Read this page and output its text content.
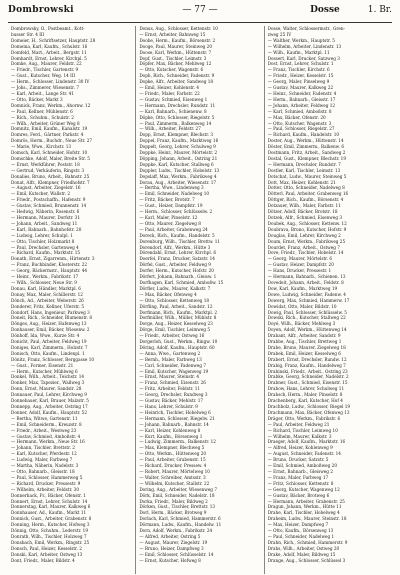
Dombrowski	— 77 —	Dosse	1. Br.
Dombrowsky, O., Postbeamt., Kott-
busser Str. 4 III
Domeier, H., Schriftsetzer, Hauptstr. 28
Domeina, Karl, Kaufm., Schulstr. 16
Domfeld, Mart., Arbeit., Bergstr. 11
Domhardt, Ernst, Lehrer, Kirchpl. 5
Domke, Aug., Maurer, Feldstr. 22
— Friedr., Tischler, Gartenstr. 9
— Gust., Kutscher, Weg. 14 III
— Herm., Schlosser, Lindenstr. 30 IV
— Johs., Zimmerer, Wiesenstr. 7
— Karl, Arbeit., Lange Str. 41
— Otto, Bäcker, Markt 3
Domnick, Franz, Werkm., Ahornw. 12
— Paul, Kellner, Mühlenstr. 6
— Rich., Schuhm., Schulstr. 2
— Wilh., Arbeiter, Grüner Weg 8
Domnitz, Emil, Kaufm., Kanalstr. 19
Domres, Ferd., Gärtner, Parkstr. 4
Domrös, Herm., Buchdr., Neue Str. 27
— Marie, Wwe., Kirchstr. 13
Domsch, Karl, Schneider, Hofstr. 10
Domschke, Adolf, Maler, Breite Str. 5
— Ernst, Werkführer, Poststr. 18
— Gertrud, Verkäuferin, Ringstr. 3
Donalies, Bruno, Arbeit., Bahnstr. 25
Donat, Alfr., Klempner, Friedhofstr. 7
— August, Arbeiter, Ziegelstr. 16
— Emil, Kutscher, Wallstr. 2
— Friedr., Postschaffn., Hafenstr. 9
— Gustav, Schmied, Brunnenstr. 14
— Hedwig, Näherin, Rosenstr. 6
— Hermann, Maurer, Dorfstr. 31
— Johann, Arbeit., Sandweg 11
— Karl, Bahnarb., Bahnhofstr. 20
— Ludwig, Lehrer, Schulpl. 1
— Otto, Tischler, Holzmarkt 8
— Paul, Drechsler, Gartenweg 4
— Richard, Kaufm., Marktstr. 15
Donath, Ernst, Zigarrenm., Hirtenstr. 3
— Franz, Buchbinder, Klosterstr. 22
— Georg, Bäckermstr., Hauptstr. 44
— Heinr., Werkm., Fabrikstr. 17
— Wilh., Schlosser, Neue Str. 9
Donau, Karl, Händler, Marktpl. 6
Donay, Max, Maler, Schillerstr. 12
Dönch, Ad., Arbeiter, Weberstr. 26
Donderer, Fritz, Kellner, Uferstr. 5
Dondorf, Hans, Ingenieur, Parkweg 3
Doneit, Rich., Schneider, Blumenstr. 8
Dönges, Aug., Heizer, Hafenweg 13
Donhauser, Emil, Bäcker, Wiesenw. 2
Dönhoff, Ida, Wwe., Kurze Str. 4
Donicht, Paul, Arbeiter, Feldweg 19
Doniges, Karl, Zimmerm., Holzstr. 7
Donisch, Otto, Kaufm., Lindenpl. 1
Dönitz, Franz, Schlosser, Berggasse 10
— Gust., Former, Eisenstr. 21
— Herm., Kutscher, Mühlweg 6
Donkel, Wilh., Arbeit., Teichstr. 14
Donker, Max, Tapezier., Wallweg 3
Donn, Ernst, Maurer, Sandstr. 28
Donnauer, Paul, Lehrer, Kirchweg 9
Donnebauer, Karl, Brauer, Malzstr. 5
Donnepp, Aug., Arbeiter, Ostring 17
Donner, Adolf, Kaufm., Hauptstr. 52
— Bertha, Witwe, Gartenstr. 11
— Emil, Schneiderm., Kreuzstr. 8
— Friedr., Arbeit., Westweg 23
— Gustav, Schmied, Amboßstr. 4
— Hermann, Werkm., Neue Str. 16
— Johann, Tischler, Brettstr. 2
— Karl, Kutscher, Pferdestr. 12
— Ludwig, Maler, Farbweg 7
— Martha, Näherin, Nadelstr. 3
— Otto, Bahnarb., Gleisstr. 18
— Paul, Schlosser, Hammerweg 5
— Richard, Drucker, Pressestr. 9
— Wilhelm, Arbeiter, Feldstr. 30
Donnerhack, Fr., Bäcker, Ofenstr. 1
Donnert, Ernst, Lehrer, Schulstr. 14
Donnerstag, Karl, Maurer, Kalkweg 6
Donnhauser, Ad., Kaufm., Markt 11
Donnick, Gust., Arbeiter, Grabenstr. 8
Donning, Herm., Kutscher, Hofweg 3
Dönnig, Otto, Schuhm., Lederstr. 19
Donrath, Wilh., Tischler, Holzweg 7
Donsbach, Emil, Werkm., Ringstr. 25
Donsch, Paul, Heizer, Kesselstr. 2
Donski, Karl, Arbeiter, Ostweg 13
Dont, Friedr., Maler, Bildstr. 4
Donus, Aug., Schlosser, Kettenstr. 10
— Ernst, Arbeiter, Bahnweg 15
Doobe, Herm., Kaufm., Börsenstr. 2
Dooge, Paul, Maurer, Steinweg 20
Doose, Karl, Werkm., Hüttenstr. 7
Dopf, Gust., Tischler, Leimstr. 3
Döpfer, Max, Bäcker, Mehlweg 12
— Otto, Kutscher, Wagenstr. 6
Doph, Rich., Schneider, Fadenstr. 9
Dopke, Alfr., Arbeiter, Sandweg 18
— Emil, Heizer, Kohlenstr. 4
— Friedr., Maler, Farbstr. 22
— Gustav, Schmied, Eisenweg 1
— Hermann, Drechsler, Rundstr. 11
— Karl, Bahnarb., Schienenw. 8
Döpke, Otto, Schlosser, Riegelstr. 5
— Paul, Zimmerm., Balkenweg 14
— Wilh., Arbeiter, Feldstr. 27
Dopp, Ernst, Klempner, Blechstr. 3
Doppel, Franz, Kaufm., Marktweg 16
Doppelt, Georg, Lehrer, Schulweg 9
Doppke, Heinr., Maurer, Mörtelstr. 2
Döpping, Johann, Arbeit., Ostring 21
Doppke, Karl, Kutscher, Stallweg 6
Doppler, Ludw., Tischler, Hobelstr. 13
Dopslaff, Max, Werkm., Fabrikweg 4
Dorau, Aug., Arbeiter, Wiesenstr. 17
— Bertha, Wwe., Lindenweg 3
— Emil, Schneider, Nadelweg 10
— Fritz, Bäcker, Brotstr. 7
— Gust., Heizer, Dampfstr. 19
— Herm., Schlosser, Schlüsselw. 2
— Karl, Maler, Pinselstr. 12
— Otto, Maurer, Ziegelweg 8
— Paul, Arbeiter, Grabenweg 24
Doreck, Rich., Kaufm., Handelstr. 5
Dorenburg, Wilh., Tischler, Brettw. 11
Dorendorf, Alfr., Werkm., Hütte 3
Dörendahl, Ernst, Lehrer, Kirchpl. 6
Doerfel, Franz, Drucker, Satzstr. 14
Dörfel, Gust., Arbeiter, Feldweg 9
Dorfer, Herm., Kutscher, Hofstr. 20
Dörfert, Johann, Bahnarb., Gleisw. 1
Dorfhagen, Karl, Schmied, Amboßw. 15
Dörfler, Ludw., Maurer, Kalkstr. 7
— Max, Bäcker, Ofenweg 4
— Otto, Schlosser, Kettenweg 18
Dörfling, Paul, Arbeit., Sandstr. 12
Dorfmann, Rich., Kaufm., Marktpl. 2
Dorfmüller, Wilh., Müller, Mühlstr. 8
Dorge, Aug., Heizer, Kesselweg 23
Dörge, Emil, Tischler, Leimweg 5
— Friedr., Arbeiter, Ostweg 16
Dorgerloh, Gust., Werkm., Ringw. 10
Döring, Adolf, Kaufm., Hauptstr. 60
— Anna, Wwe., Gartenweg 2
— Bernh., Maler, Farbweg 13
— Carl, Schneider, Fadenweg 7
— Emil, Kutscher, Wagenweg 19
— Ernst, Maurer, Steinstr. 4
— Franz, Schmied, Eisenstr. 26
— Fritz, Arbeiter, Feldstr. 11
— Georg, Drechsler, Rundweg 3
— Gustav, Bäcker, Mehlstr. 17
— Hans, Lehrer, Schulstr. 9
— Heinrich, Tischler, Hobelweg 6
— Hermann, Schlosser, Riegelw. 21
— Johann, Bahnarb., Bahnstr. 14
— Karl, Heizer, Kohlenweg 8
— Kurt, Kaufm., Börsenweg 1
— Ludwig, Zimmerm., Balkenstr. 12
— Max, Klempner, Blechweg 5
— Otto, Werkm., Hüttenweg 20
— Paul, Arbeiter, Grabenstr. 15
— Richard, Drucker, Pressew. 4
— Robert, Maurer, Mörtelweg 10
— Walter, Schreiber, Amtsstr. 3
— Wilhelm, Kutscher, Stallstr. 22
Doring, Aug., Arbeiter, Wiesenweg 7
Dörk, Emil, Schneider, Nadelstr. 18
Dorka, Friedr., Maler, Bildweg 2
Dörken, Gust., Tischler, Brettstr. 13
Dorl, Herm., Bäcker, Brotweg 9
Dorlach, Karl, Schmied, Hammerstr. 6
Dörmann, Ludw., Kaufm., Handelw. 11
Dorn, Adolf, Werkm., Fabrikstr. 24
— Alfred, Arbeiter, Ostring 5
— August, Maurer, Ziegelstr. 19
— Bruno, Heizer, Dampfweg 3
— Emil, Schlosser, Schlüsselstr. 14
— Ernst, Kutscher, Hofweg 8
Dosse, Walter, Schlossermstr., Gren-
zweg 25 IV
— Walther, Werkm., Hauptstr. 5
— Wilhelm, Arbeiter, Lindenstr. 13
— Wilh., Kaufm., Marktpl. 11
Dossert, Karl, Drucker, Satzweg 3
Dost, Ernst, Lehrer, Schulstr. 1
— Franz, Tischler, Kirchstr. 6
— Friedr., Heizer, Kesselstr. 15
— Georg, Maler, Pinselweg 9
— Gustav, Maurer, Kalkweg 22
— Heinr., Schneider, Fadenstr. 4
— Herm., Bahnarb., Gleisstr. 17
— Johann, Arbeiter, Feldweg 12
— Karl, Schmied, Amboßstr. 8
— Max, Bäcker, Ofenstr. 20
— Otto, Kutscher, Wagenstr. 3
— Paul, Schlosser, Riegelstr. 27
— Richard, Kaufm., Handelstr. 10
Doster, Aug., Werkm., Hüttenstr. 14
Döster, Emil, Zimmerm., Balkenw. 6
Dostmann, Fritz, Arbeit., Sandweg 2
Dostal, Gust., Klempner, Blechstr. 19
— Hermann, Drechsler, Rundstr. 7
Dostler, Karl, Tischler, Leimstr. 13
Dotschat, Ludw., Maurer, Steinweg 5
Dott, Max, Heizer, Kohlenstr. 21
Dotter, Otto, Schneider, Nadelweg 8
Dötterl, Paul, Arbeiter, Grabenweg 16
Döttger, Rich., Kaufm., Börsenstr. 4
Dotzauer, Wilh., Maler, Farbstr. 11
Dötzer, Adolf, Bäcker, Brotstr. 18
Dotzek, Alfr., Schmied, Eisenweg 3
Doubek, Aug., Schlosser, Kettenw. 12
Doubrava, Bruno, Kutscher, Hofstr. 9
Douglas, Emil, Lehrer, Kirchweg 2
Doum, Ernst, Werkm., Fabrikweg 25
Dourdet, Franz, Arbeit., Ostweg 7
Dove, Friedr., Tischler, Hobelstr. 14
— Georg, Maurer, Mörtelstr. 6
— Gustav, Heizer, Dampfstr. 20
— Hans, Drucker, Pressestr. 1
— Hermann, Bahnarb., Schienen. 13
Dovedeit, Johann, Arbeit., Feldstr. 8
Dow, Karl, Kaufm., Marktweg 19
Dowe, Ludwig, Schneider, Fadenw. 4
Dowerg, Max, Schmied, Hammerw. 17
Dowidat, Otto, Maler, Bildstr. 10
Dowig, Paul, Schlosser, Schlüsselw. 5
Dowski, Rich., Kutscher, Stallweg 22
Doyé, Wilh., Bäcker, Mehlweg 3
Doyen, Adolf, Werkm., Hüttenweg 14
Drabant, Alfr., Arbeiter, Sandstr. 9
Drabbe, Aug., Tischler, Brettweg 1
Drabe, Bruno, Maurer, Ziegelweg 18
Drabek, Emil, Heizer, Kesselweg 6
Drabert, Ernst, Drechsler, Rundw. 12
Drabig, Franz, Kaufm., Handelweg 7
Drabinski, Friedr., Arbeit., Ostring 23
Drabke, Georg, Schneider, Nadelstr. 2
Drabner, Gust., Schmied, Eisenstr. 15
Drabow, Hans, Lehrer, Schulweg 11
Drabsch, Herm., Maler, Pinselstr. 8
Drachenberg, Karl, Kutscher, Hof 4
Drachholz, Ludw., Schlosser, Riegel 19
Drachmann, Max, Bäcker, Ofenweg 13
Dräger, Otto, Werkm., Fabrikstr. 6
— Paul, Arbeiter, Feldweg 21
— Richard, Tischler, Leimweg 10
— Wilhelm, Maurer, Kalkstr. 3
Draeger, Adolf, Kaufm., Marktstr. 16
— Alfred, Heizer, Kohlenweg 9
— August, Schneider, Fadenstr. 14
— Bruno, Drucker, Satzstr. 5
— Emil, Schmied, Amboßweg 20
— Ernst, Bahnarb., Gleisweg 2
— Franz, Maler, Farbweg 17
— Fritz, Schlosser, Kettenstr. 8
— Georg, Kutscher, Wagenweg 12
— Gustav, Bäcker, Brotweg 6
— Hermann, Arbeiter, Grabenstr. 25
Dragun, Johann, Werkm., Hütte 11
Drahe, Karl, Tischler, Hobelweg 4
Draheim, Ludw., Maurer, Steinstr. 18
— Max, Heizer, Dampfweg 7
— Otto, Kaufm., Börsenweg 13
— Paul, Schneider, Nadelweg 1
Drahn, Rich., Schmied, Hammerstr. 9
Drahs, Wilh., Arbeiter, Ostweg 20
Drake, Adolf, Maler, Bildweg 15
Drange, Aug., Schlosser, Schlüssel 3
